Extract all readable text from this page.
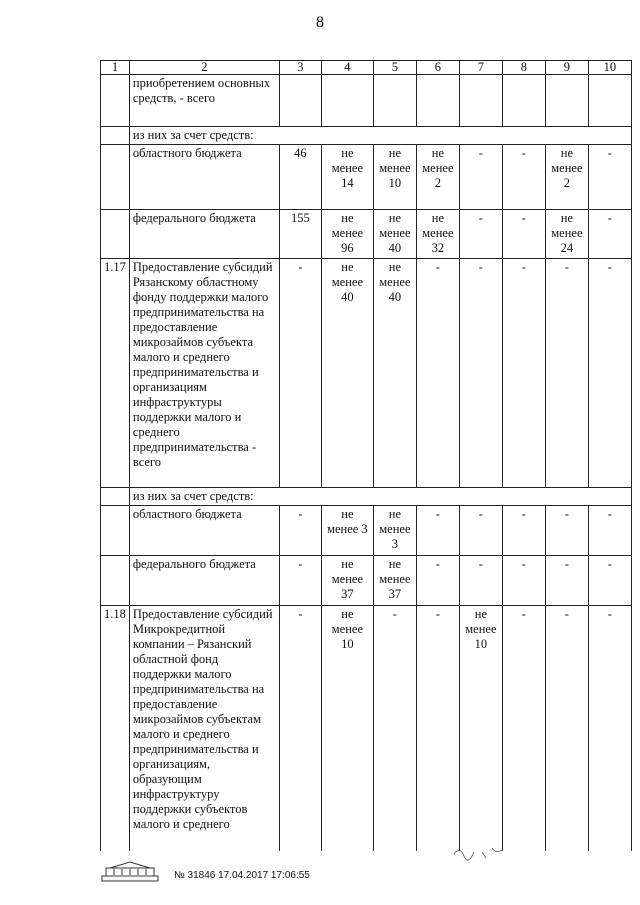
8
1	2	3	4	5	6	7	8	9	10
	приобретением основных средств, - всего								
	из них за счет средств:								
	областного бюджета	46	не менее 14	не менее 10	не менее 2	-	-	не менее 2	-
	федерального бюджета	155	не менее 96	не менее 40	не менее 32	-	-	не менее 24	-
1.17	Предоставление субсидий Рязанскому областному фонду поддержки малого предпринимательства на предоставление микрозаймов субъекта малого и среднего предпринимательства и организациям инфраструктуры поддержки малого и среднего предпринимательства - всего	-	не менее 40	не менее 40	-	-	-	-	-
	из них за счет средств:								
	областного бюджета	-	не менее 3	не менее 3	-	-	-	-	-
	федерального бюджета	-	не менее 37	не менее 37	-	-	-	-	-
1.18	Предоставление субсидий Микрокредитной компании – Рязанский областной фонд поддержки малого предпринимательства на предоставление микрозаймов субъектам малого и среднего предпринимательства и организациям, образующим инфраструктуру поддержки субъектов малого и среднего	-	не менее 10	-	-	не менее 10	-	-	-
№ 31846 17.04.2017 17:06:55
